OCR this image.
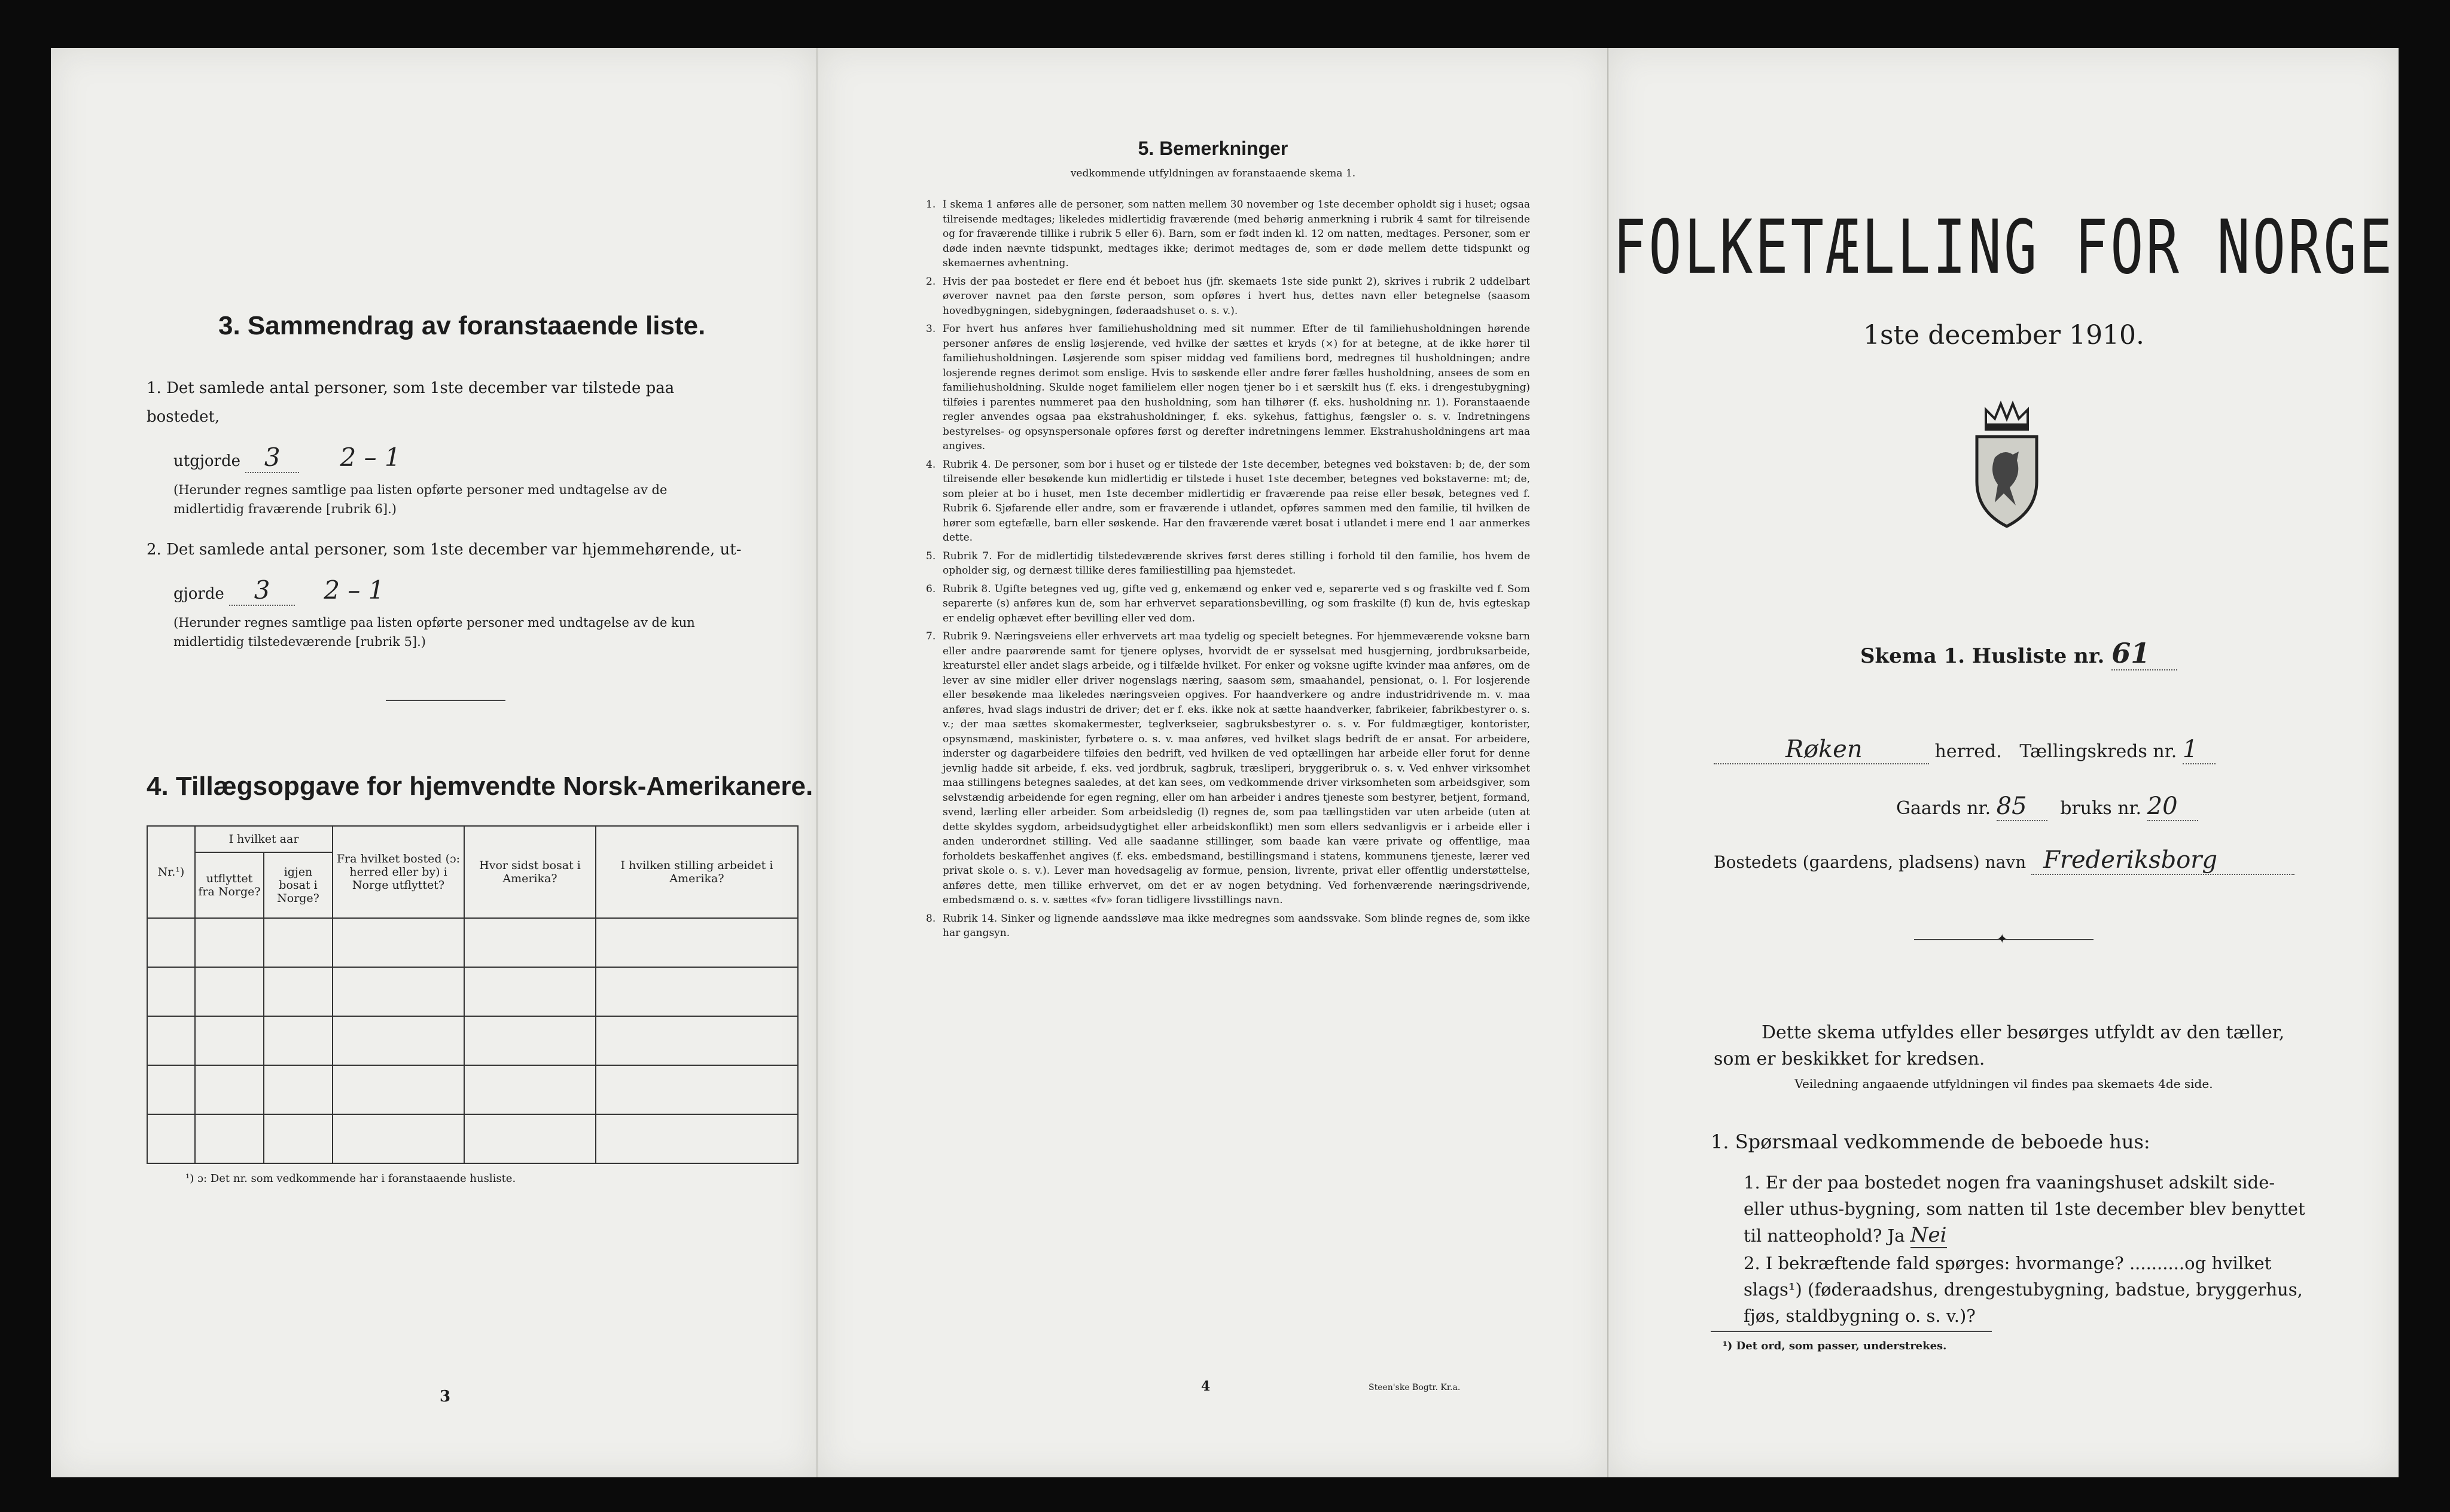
3. Sammendrag av foranstaaende liste.

1. Det samlede antal personer, som 1ste december var tilstede paa bostedet,

utgjorde 3 2 – 1

(Herunder regnes samtlige paa listen opførte personer med undtagelse av de midlertidig fraværende [rubrik 6].)

2. Det samlede antal personer, som 1ste december var hjemmehørende, ut-

gjorde 3 2 – 1

(Herunder regnes samtlige paa listen opførte personer med undtagelse av de kun midlertidig tilstedeværende [rubrik 5].)

4. Tillægsopgave for hjemvendte Norsk-Amerikanere.
Nr.¹)	I hvilket aar		Fra hvilket bosted (ɔ: herred eller by) i Norge utflyttet?	Hvor sidst bosat i Amerika?	I hvilken stilling arbeidet i Amerika?
	utflyttet fra Norge?	igjen bosat i Norge?			

¹) ɔ: Det nr. som vedkommende har i foranstaaende husliste.
3
5. Bemerkninger
vedkommende utfyldningen av foranstaaende skema 1.
1. I skema 1 anføres alle de personer, som natten mellem 30 november og 1ste december opholdt sig i huset; ogsaa tilreisende medtages; likeledes midlertidig fraværende (med behørig anmerkning i rubrik 4 samt for tilreisende og for fraværende tillike i rubrik 5 eller 6). Barn, som er født inden kl. 12 om natten, medtages. Personer, som er døde inden nævnte tidspunkt, medtages ikke; derimot medtages de, som er døde mellem dette tidspunkt og skemaernes avhentning.
2. Hvis der paa bostedet er flere end ét beboet hus (jfr. skemaets 1ste side punkt 2), skrives i rubrik 2 uddelbart øverover navnet paa den første person, som opføres i hvert hus, dettes navn eller betegnelse (saasom hovedbygningen, sidebygningen, føderaadshuset o. s. v.).
3. For hvert hus anføres hver familiehusholdning med sit nummer. Efter de til familiehusholdningen hørende personer anføres de enslig løsjerende, ved hvilke der sættes et kryds (×) for at betegne, at de ikke hører til familiehusholdningen. Løsjerende som spiser middag ved familiens bord, medregnes til husholdningen; andre losjerende regnes derimot som enslige. Hvis to søskende eller andre fører fælles husholdning, ansees de som en familiehusholdning. Skulde noget familielem eller nogen tjener bo i et særskilt hus (f. eks. i drengestubygning) tilføies i parentes nummeret paa den husholdning, som han tilhører (f. eks. husholdning nr. 1). Foranstaaende regler anvendes ogsaa paa ekstrahusholdninger, f. eks. sykehus, fattighus, fængsler o. s. v. Indretningens bestyrelses- og opsynspersonale opføres først og derefter indretningens lemmer. Ekstrahusholdningens art maa angives.
4. Rubrik 4. De personer, som bor i huset og er tilstede der 1ste december, betegnes ved bokstaven: b; de, der som tilreisende eller besøkende kun midlertidig er tilstede i huset 1ste december, betegnes ved bokstaverne: mt; de, som pleier at bo i huset, men 1ste december midlertidig er fraværende paa reise eller besøk, betegnes ved f. Rubrik 6. Sjøfarende eller andre, som er fraværende i utlandet, opføres sammen med den familie, til hvilken de hører som egtefælle, barn eller søskende. Har den fraværende været bosat i utlandet i mere end 1 aar anmerkes dette.
5. Rubrik 7. For de midlertidig tilstedeværende skrives først deres stilling i forhold til den familie, hos hvem de opholder sig, og dernæst tillike deres familiestilling paa hjemstedet.
6. Rubrik 8. Ugifte betegnes ved ug, gifte ved g, enkemænd og enker ved e, separerte ved s og fraskilte ved f. Som separerte (s) anføres kun de, som har erhvervet separationsbevilling, og som fraskilte (f) kun de, hvis egteskap er endelig ophævet efter bevilling eller ved dom.
7. Rubrik 9. Næringsveiens eller erhvervets art maa tydelig og specielt betegnes. For hjemmeværende voksne barn eller andre paarørende samt for tjenere oplyses, hvorvidt de er sysselsat med husgjerning, jordbruksarbeide, kreaturstel eller andet slags arbeide, og i tilfælde hvilket. For enker og voksne ugifte kvinder maa anføres, om de lever av sine midler eller driver nogenslags næring, saasom søm, smaahandel, pensionat, o. l. For losjerende eller besøkende maa likeledes næringsveien opgives. For haandverkere og andre industridrivende m. v. maa anføres, hvad slags industri de driver; det er f. eks. ikke nok at sætte haandverker, fabrikeier, fabrikbestyrer o. s. v.; der maa sættes skomakermester, teglverkseier, sagbruksbestyrer o. s. v. For fuldmægtiger, kontorister, opsynsmænd, maskinister, fyrbøtere o. s. v. maa anføres, ved hvilket slags bedrift de er ansat. For arbeidere, inderster og dagarbeidere tilføies den bedrift, ved hvilken de ved optællingen har arbeide eller forut for denne jevnlig hadde sit arbeide, f. eks. ved jordbruk, sagbruk, træsliperi, bryggeribruk o. s. v. Ved enhver virksomhet maa stillingens betegnes saaledes, at det kan sees, om vedkommende driver virksomheten som arbeidsgiver, som selvstændig arbeidende for egen regning, eller om han arbeider i andres tjeneste som bestyrer, betjent, formand, svend, lærling eller arbeider. Som arbeidsledig (l) regnes de, som paa tællingstiden var uten arbeide (uten at dette skyldes sygdom, arbeidsudygtighet eller arbeidskonflikt) men som ellers sedvanligvis er i arbeide eller i anden underordnet stilling. Ved alle saadanne stillinger, som baade kan være private og offentlige, maa forholdets beskaffenhet angives (f. eks. embedsmand, bestillingsmand i statens, kommunens tjeneste, lærer ved privat skole o. s. v.). Lever man hovedsagelig av formue, pension, livrente, privat eller offentlig understøttelse, anføres dette, men tillike erhvervet, om det er av nogen betydning. Ved forhenværende næringsdrivende, embedsmænd o. s. v. sættes «fv» foran tidligere livsstillings navn.
8. Rubrik 14. Sinker og lignende aandssløve maa ikke medregnes som aandssvake. Som blinde regnes de, som ikke har gangsyn.
4	Steen'ske Bogtr. Kr.a.
FOLKETÆLLING FOR NORGE
1ste december 1910.
Skema 1. Husliste nr. 61
Røken	herred. Tællingskreds nr. 1
Gaards nr. 85 bruks nr. 20
Bostedets (gaardens, pladsens) navn Frederiksborg
✦
Dette skema utfyldes eller besørges utfyldt av den tæller, som er beskikket for kredsen.
Veiledning angaaende utfyldningen vil findes paa skemaets 4de side.
1. Spørsmaal vedkommende de beboede hus:
1. Er der paa bostedet nogen fra vaaningshuset adskilt side- eller uthus-bygning, som natten til 1ste december blev benyttet til natteophold? Ja Nei
2. I bekræftende fald spørges: hvormange? ..........og hvilket slags¹) (føderaadshus, drengestubygning, badstue, bryggerhus, fjøs, staldbygning o. s. v.)?
¹) Det ord, som passer, understrekes.
